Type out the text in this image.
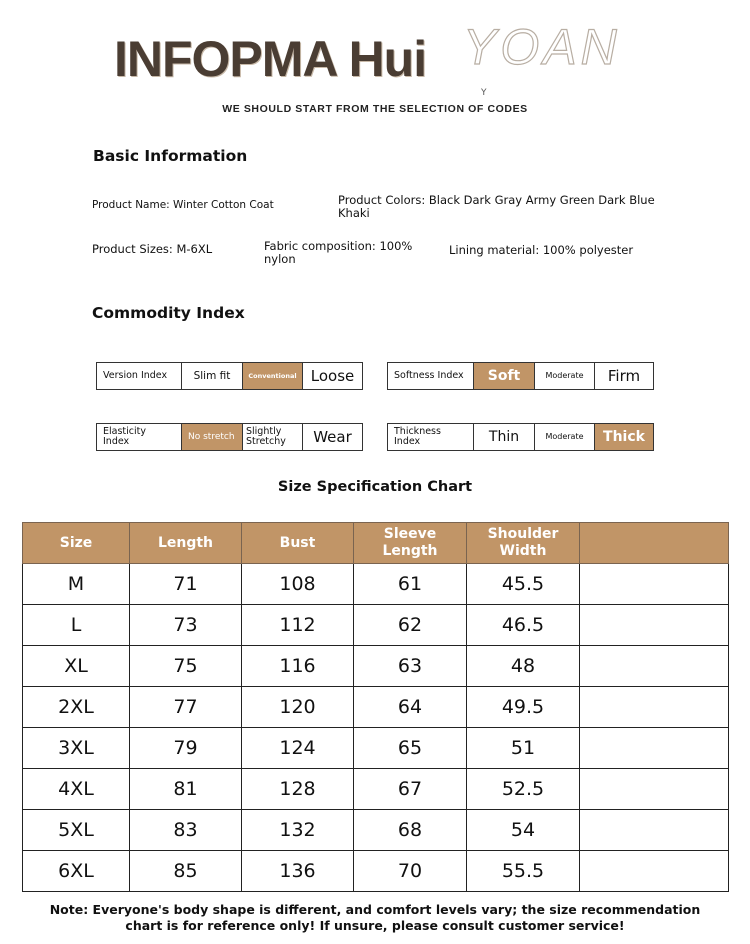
INFOPMA Hui YOAN
Y
WE SHOULD START FROM THE SELECTION OF CODES
Basic Information
Product Name: Winter Cotton Coat	Product Colors: Black Dark Gray Army Green Dark Blue Khaki
Product Sizes: M-6XL	Fabric composition: 100% nylon
Lining material: 100% polyester
Commodity Index
Version Index	Slim fit	Conventional Loose	Softness Index	Soft	Moderate	Firm
Elasticity Index	No stretch	Slightly Stretchy	Wear	Thickness Index	Thin	Moderate	Thick
Size Specification Chart
Size	Length	Bust	Sleeve Length	Shoulder Width	
M	71	108	61	45.5	
L	73	112	62	46.5	
XL	75	116	63	48	
2XL	77	120	64	49.5	
3XL	79	124	65	51	
4XL	81	128	67	52.5	
5XL	83	132	68	54	
6XL	85	136	70	55.5	
Note: Everyone's body shape is different, and comfort levels vary; the size recommendation
chart is for reference only! If unsure, please consult customer service!
